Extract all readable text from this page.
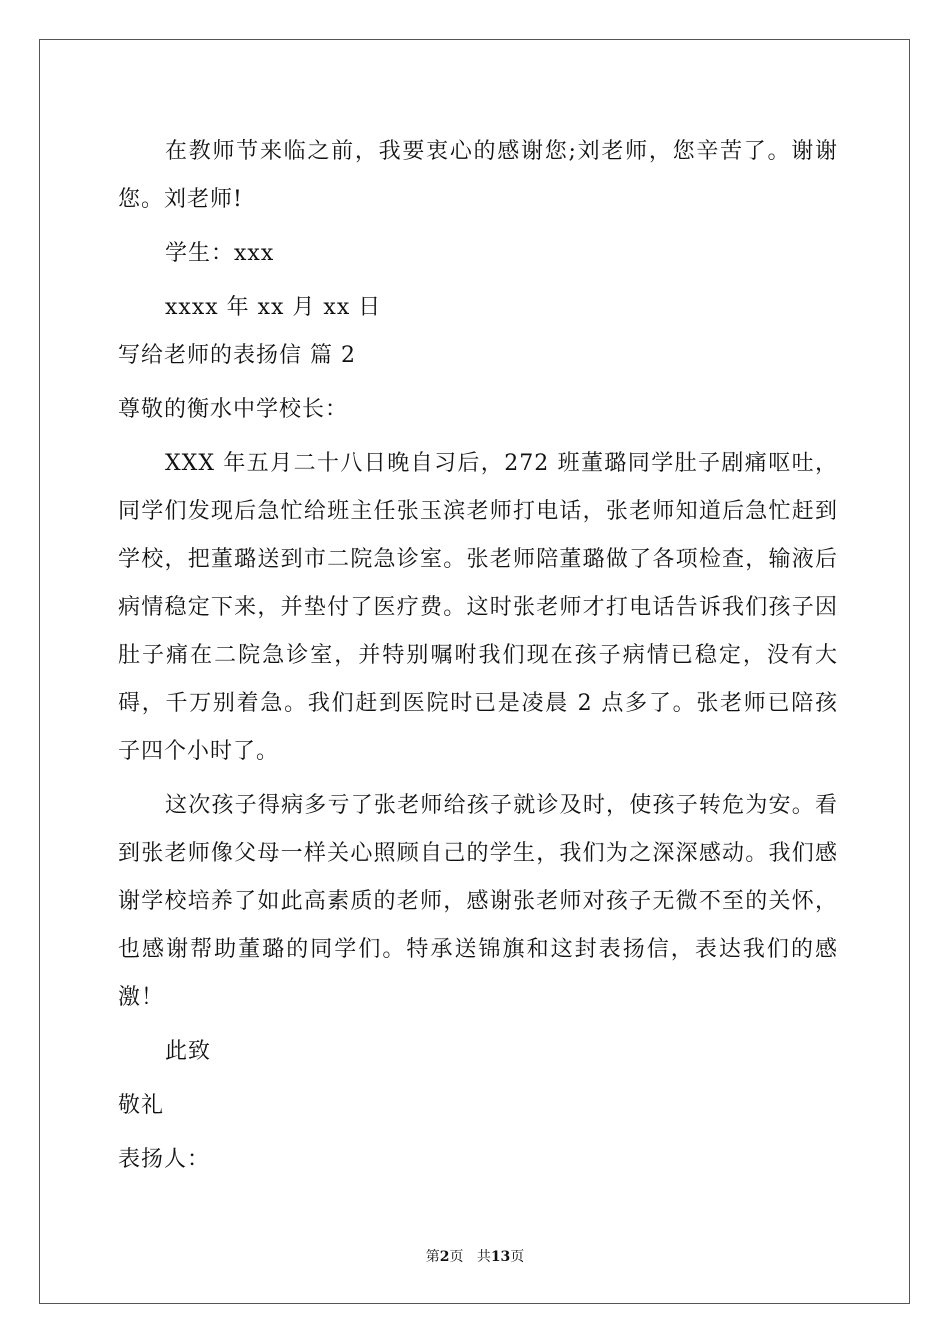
在教师节来临之前，我要衷心的感谢您;刘老师，您辛苦了。谢谢您。刘老师!

学生：xxx

xxxx 年 xx 月 xx 日

写给老师的表扬信 篇 2

尊敬的衡水中学校长：

XXX 年五月二十八日晚自习后，272 班董璐同学肚子剧痛呕吐，同学们发现后急忙给班主任张玉滨老师打电话，张老师知道后急忙赶到学校，把董璐送到市二院急诊室。张老师陪董璐做了各项检查，输液后病情稳定下来，并垫付了医疗费。这时张老师才打电话告诉我们孩子因肚子痛在二院急诊室，并特别嘱咐我们现在孩子病情已稳定，没有大碍，千万别着急。我们赶到医院时已是凌晨 2 点多了。张老师已陪孩子四个小时了。

这次孩子得病多亏了张老师给孩子就诊及时，使孩子转危为安。看到张老师像父母一样关心照顾自己的学生，我们为之深深感动。我们感谢学校培养了如此高素质的老师，感谢张老师对孩子无微不至的关怀，也感谢帮助董璐的同学们。特承送锦旗和这封表扬信，表达我们的感激！

此致

敬礼

表扬人：

第2页 共13页
